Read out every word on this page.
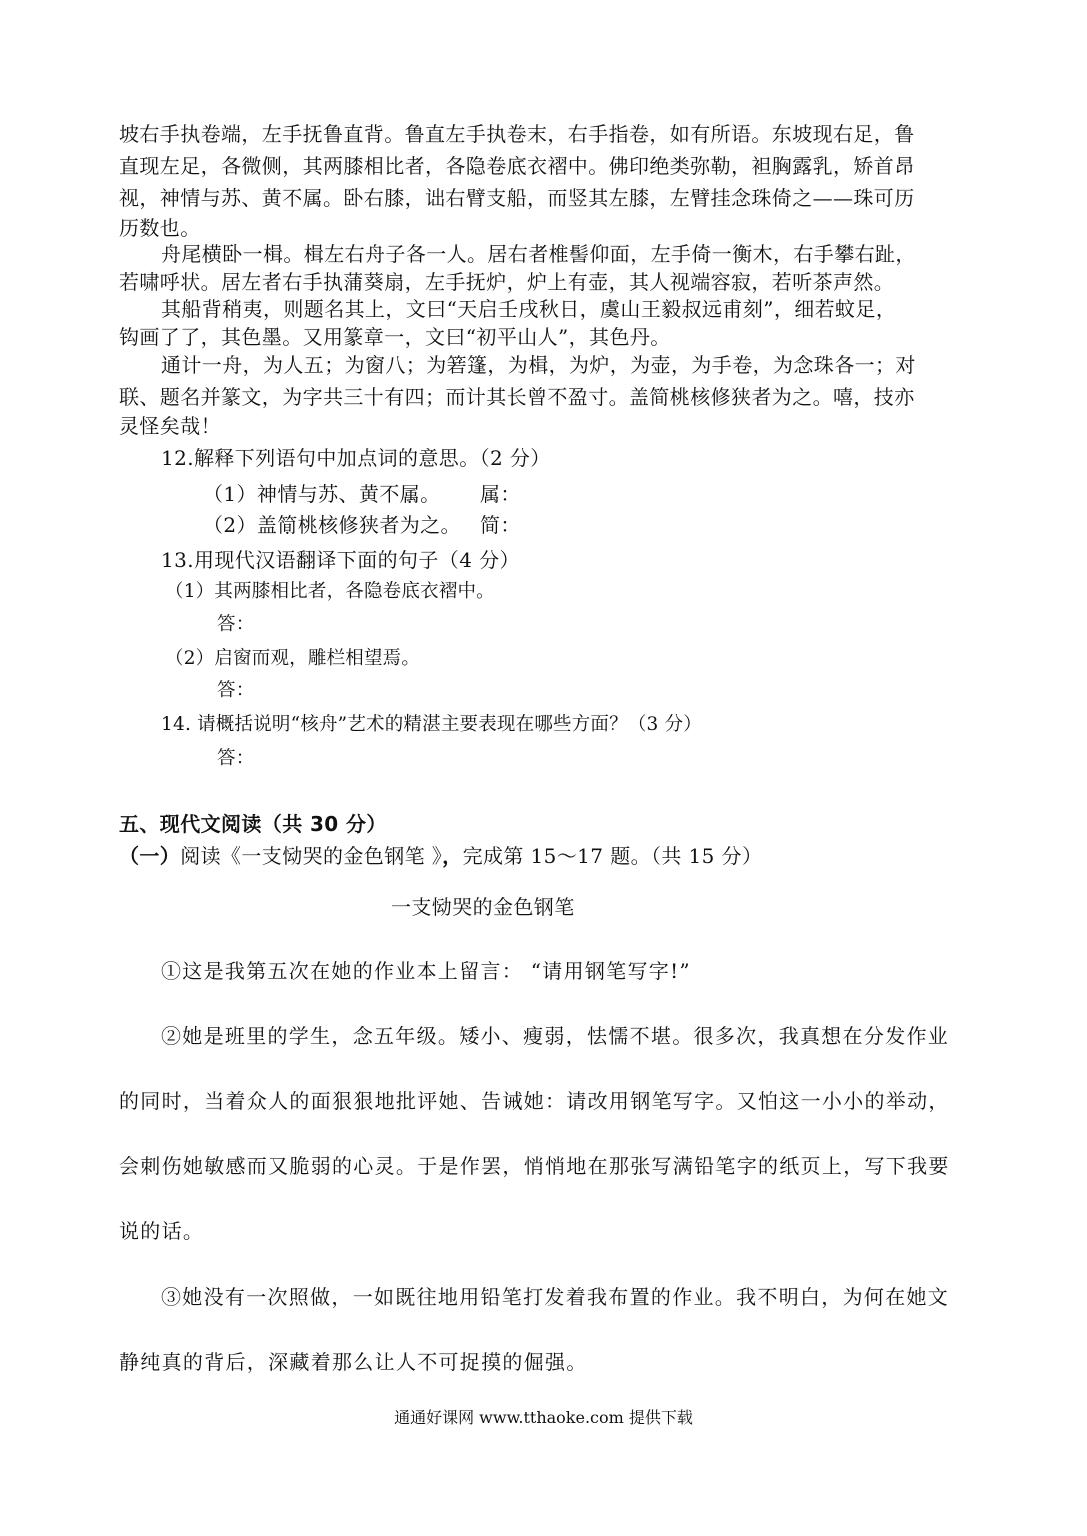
坡右手执卷端，左手抚鲁直背。鲁直左手执卷末，右手指卷，如有所语。东坡现右足，鲁
直现左足，各微侧，其两膝相比者，各隐卷底衣褶中。佛印绝类弥勒，袒胸露乳，矫首昂
视，神情与苏、黄不属。卧右膝，诎右臂支船，而竖其左膝，左臂挂念珠倚之——珠可历
历数也。
舟尾横卧一楫。楫左右舟子各一人。居右者椎髻仰面，左手倚一衡木，右手攀右趾，
若啸呼状。居左者右手执蒲葵扇，左手抚炉，炉上有壶，其人视端容寂，若听茶声然。
其船背稍夷，则题名其上，文曰“天启壬戌秋日，虞山王毅叔远甫刻”，细若蚊足，
钩画了了，其色墨。又用篆章一，文曰“初平山人”，其色丹。
通计一舟，为人五；为窗八；为箬篷，为楫，为炉，为壶，为手卷，为念珠各一；对
联、题名并篆文，为字共三十有四；而计其长曾不盈寸。盖简桃核修狭者为之。嘻，技亦
灵怪矣哉！
12.解释下列语句中加点词的意思。（2 分）
（1）神情与苏、黄不属。 属：
（2）盖简桃核修狭者为之。 简：
13.用现代汉语翻译下面的句子（4 分）
（1）其两膝相比者，各隐卷底衣褶中。
答：
（2）启窗而观，雕栏相望焉。
答：
14. 请概括说明“核舟”艺术的精湛主要表现在哪些方面？（3 分）
答：
五、现代文阅读（共 30 分）
（一）阅读《一支恸哭的金色钢笔 》，完成第 15～17 题。（共 15 分）
一支恸哭的金色钢笔
①这是我第五次在她的作业本上留言： “请用钢笔写字!”
②她是班里的学生，念五年级。矮小、瘦弱，怯懦不堪。很多次，我真想在分发作业
的同时，当着众人的面狠狠地批评她、告诫她：请改用钢笔写字。又怕这一小小的举动，
会刺伤她敏感而又脆弱的心灵。于是作罢，悄悄地在那张写满铅笔字的纸页上，写下我要
说的话。
③她没有一次照做，一如既往地用铅笔打发着我布置的作业。我不明白，为何在她文
静纯真的背后，深藏着那么让人不可捉摸的倔强。
通通好课网 www.tthaoke.com 提供下载
